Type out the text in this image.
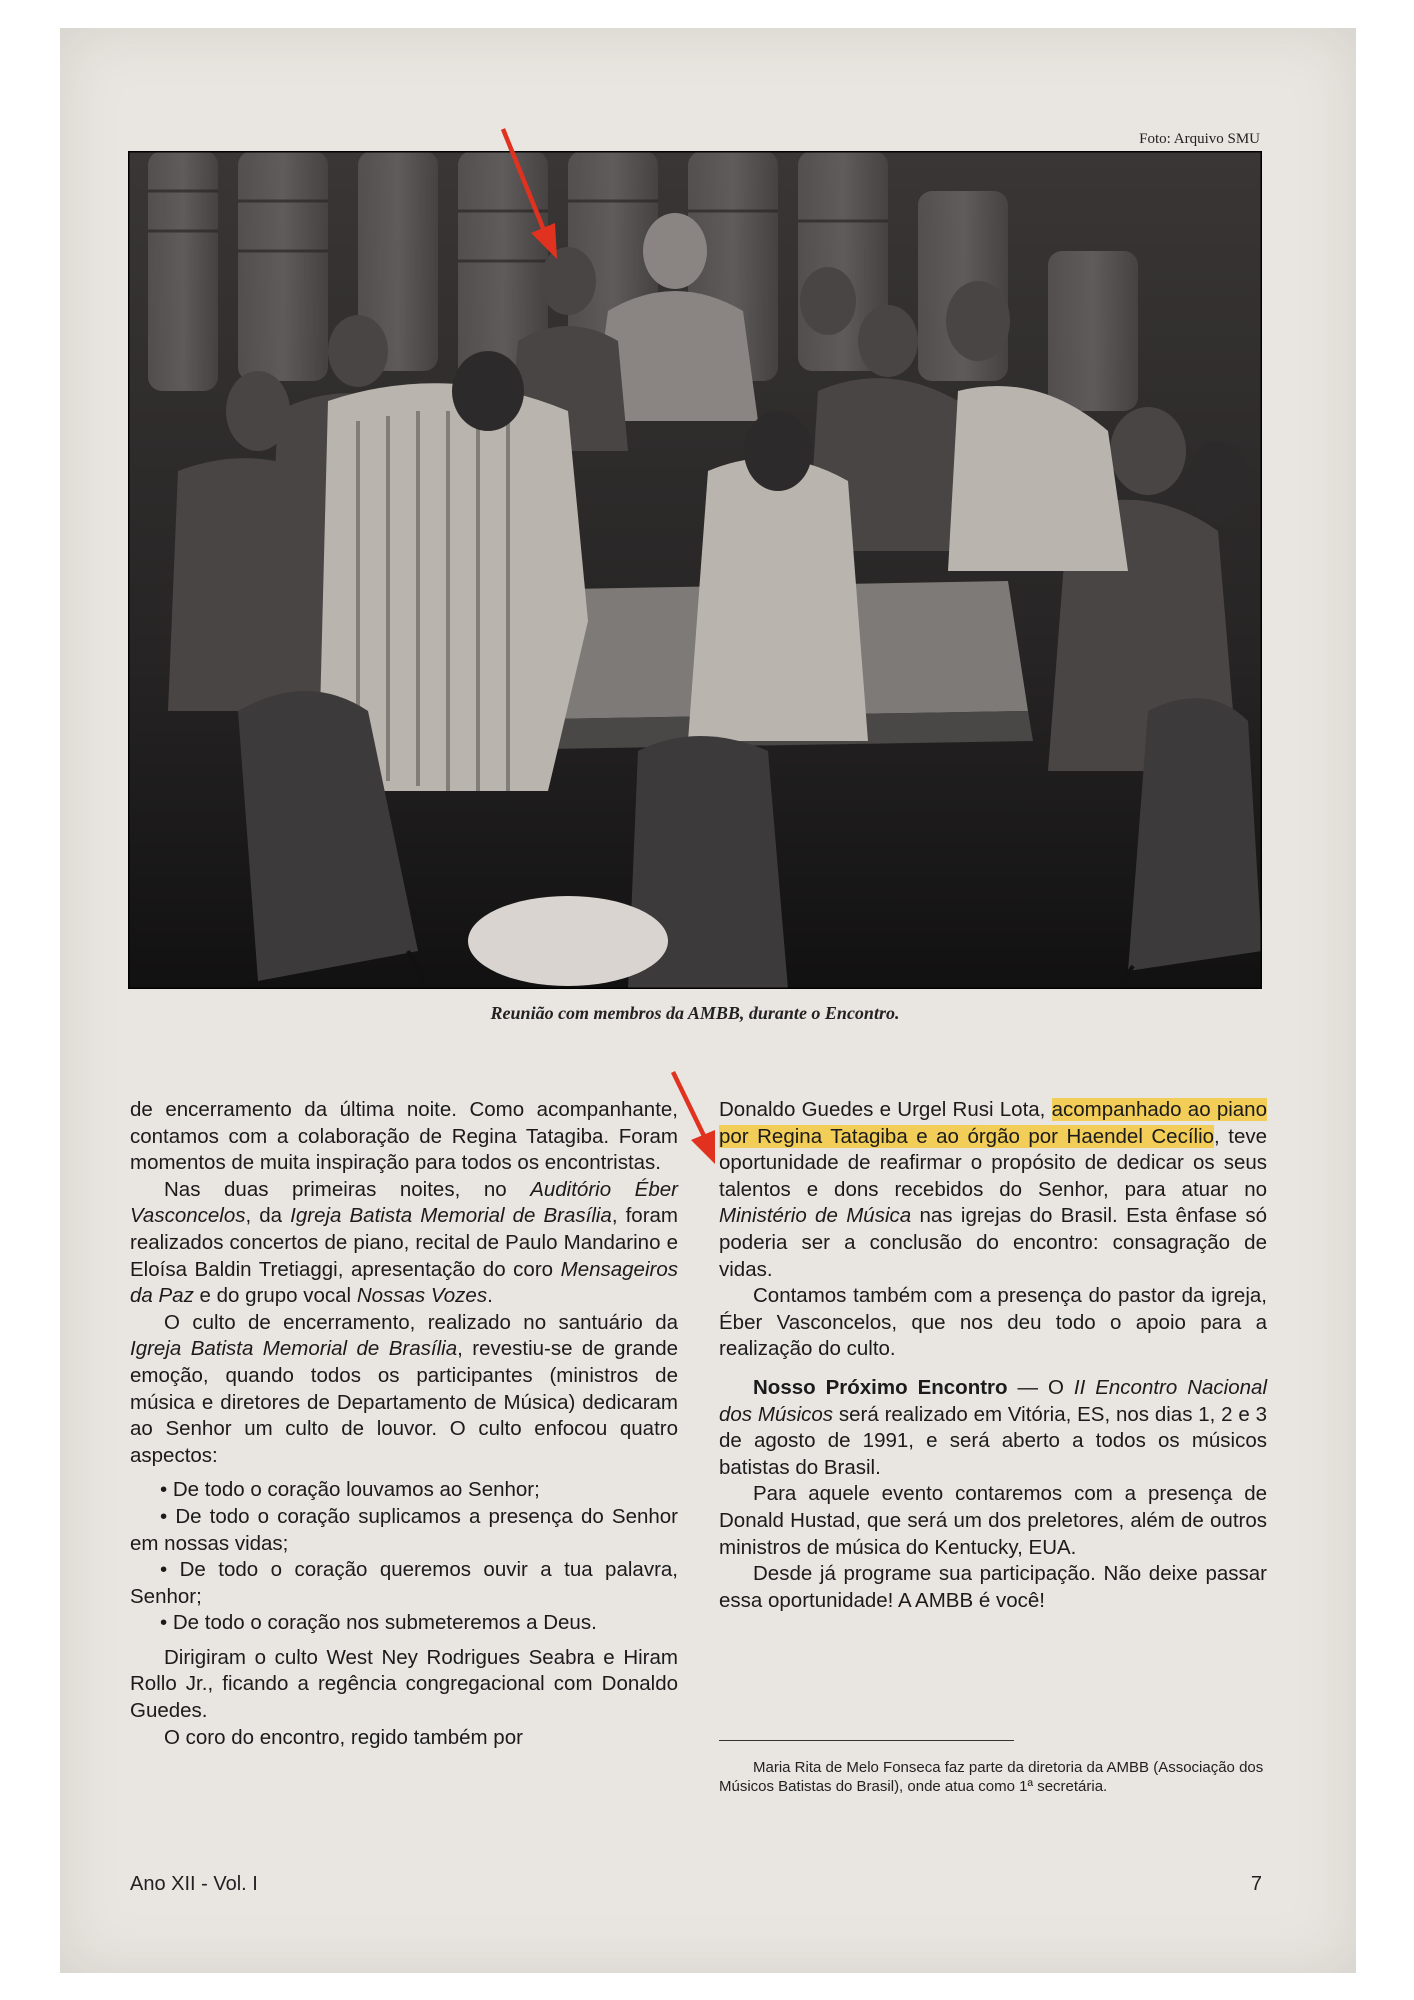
Foto: Arquivo SMU
Reunião com membros da AMBB, durante o Encontro.

de encerramento da última noite. Como acompanhante, contamos com a colaboração de Regina Tatagiba. Foram momentos de muita inspiração para todos os encontristas.

Nas duas primeiras noites, no Auditório Éber Vasconcelos, da Igreja Batista Memorial de Brasília, foram realizados concertos de piano, recital de Paulo Mandarino e Eloísa Baldin Tretiaggi, apresentação do coro Mensageiros da Paz e do grupo vocal Nossas Vozes.

O culto de encerramento, realizado no santuário da Igreja Batista Memorial de Brasília, revestiu-se de grande emoção, quando todos os participantes (ministros de música e diretores de Departamento de Música) dedicaram ao Senhor um culto de louvor. O culto enfocou quatro aspectos:

• De todo o coração louvamos ao Senhor;
• De todo o coração suplicamos a presença do Senhor em nossas vidas;
• De todo o coração queremos ouvir a tua palavra, Senhor;
• De todo o coração nos submeteremos a Deus.

Dirigiram o culto West Ney Rodrigues Seabra e Hiram Rollo Jr., ficando a regência congregacional com Donaldo Guedes.

O coro do encontro, regido também por

Donaldo Guedes e Urgel Rusi Lota, acompanhado ao piano por Regina Tatagiba e ao órgão por Haendel Cecílio, teve oportunidade de reafirmar o propósito de dedicar os seus talentos e dons recebidos do Senhor, para atuar no Ministério de Música nas igrejas do Brasil. Esta ênfase só poderia ser a conclusão do encontro: consagração de vidas.

Contamos também com a presença do pastor da igreja, Éber Vasconcelos, que nos deu todo o apoio para a realização do culto.

Nosso Próximo Encontro — O II Encontro Nacional dos Músicos será realizado em Vitória, ES, nos dias 1, 2 e 3 de agosto de 1991, e será aberto a todos os músicos batistas do Brasil.

Para aquele evento contaremos com a presença de Donald Hustad, que será um dos preletores, além de outros ministros de música do Kentucky, EUA.

Desde já programe sua participação. Não deixe passar essa oportunidade! A AMBB é você!

Maria Rita de Melo Fonseca faz parte da diretoria da AMBB (Associação dos Músicos Batistas do Brasil), onde atua como 1ª secretária.
Ano XII - Vol. I	7
